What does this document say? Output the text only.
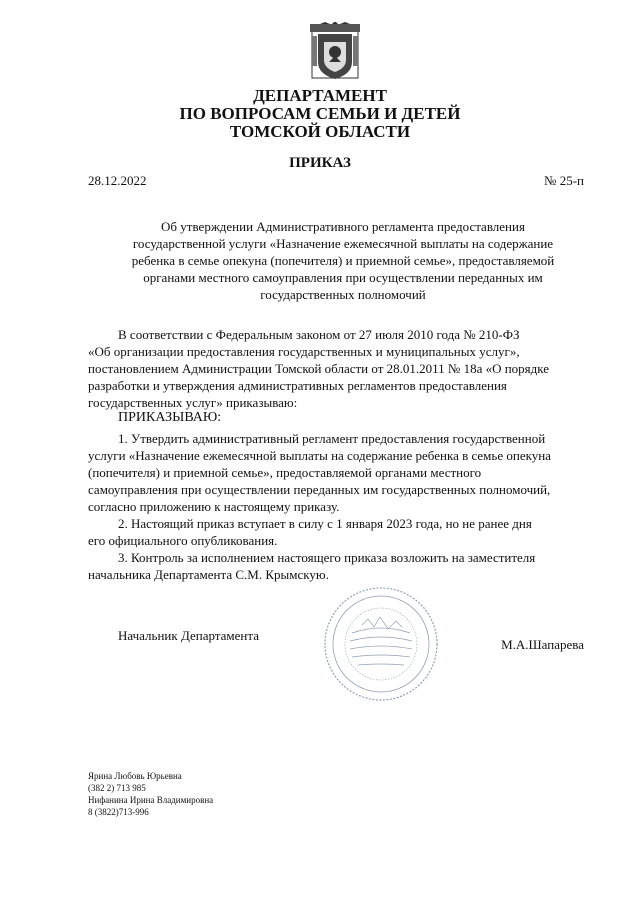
ДЕПАРТАМЕНТ
ПО ВОПРОСАМ СЕМЬИ И ДЕТЕЙ
ТОМСКОЙ ОБЛАСТИ
ПРИКАЗ
28.12.2022	№ 25-п
Об утверждении Административного регламента предоставления
государственной услуги «Назначение ежемесячной выплаты на содержание
ребенка в семье опекуна (попечителя) и приемной семье», предоставляемой
органами местного самоуправления при осуществлении переданных им
государственных полномочий
В соответствии с Федеральным законом от 27 июля 2010 года № 210-ФЗ
«Об организации предоставления государственных и муниципальных услуг»,
постановлением Администрации Томской области от 28.01.2011 № 18а «О порядке
разработки и утверждения административных регламентов предоставления
государственных услуг» приказываю:
ПРИКАЗЫВАЮ:
1. Утвердить административный регламент предоставления государственной
услуги «Назначение ежемесячной выплаты на содержание ребенка в семье опекуна
(попечителя) и приемной семье», предоставляемой органами местного
самоуправления при осуществлении переданных им государственных полномочий,
согласно приложению к настоящему приказу.
2. Настоящий приказ вступает в силу с 1 января 2023 года, но не ранее дня
его официального опубликования.
3. Контроль за исполнением настоящего приказа возложить на заместителя
начальника Департамента С.М. Крымскую.
Начальник Департамента
М.А.Шапарева
Ярина Любовь Юрьевна
(382 2) 713 985
Нифанина Ирина Владимировна
8 (3822)713-996
